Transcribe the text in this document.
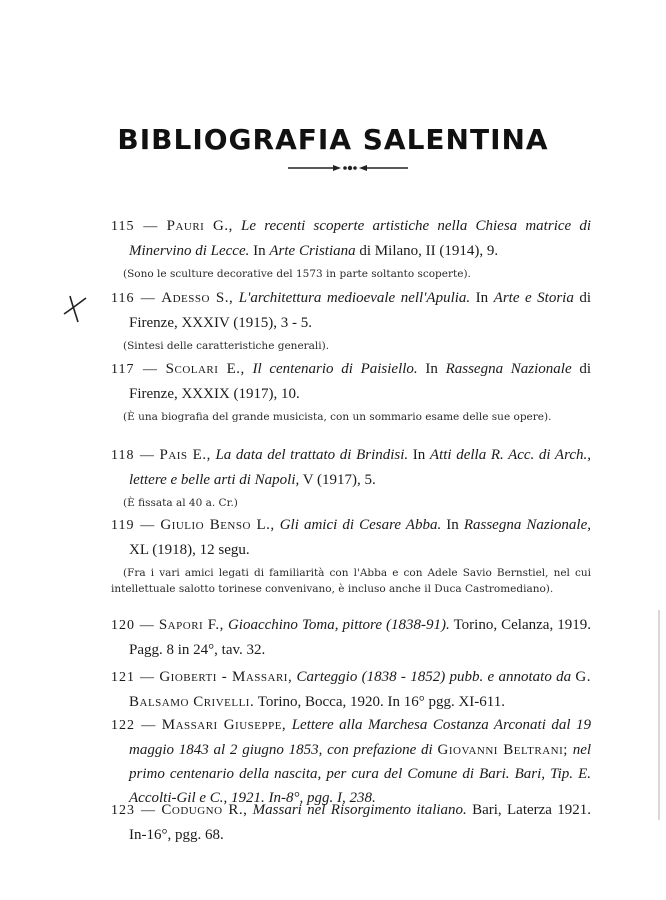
BIBLIOGRAFIA SALENTINA

115 — Pauri G., Le recenti scoperte artistiche nella Chiesa matrice di Minervino di Lecce. In Arte Cristiana di Milano, II (1914), 9.

(Sono le sculture decorative del 1573 in parte soltanto scoperte).

116 — Adesso S., L'architettura medioevale nell'Apulia. In Arte e Storia di Firenze, XXXIV (1915), 3 - 5.

(Sintesi delle caratteristiche generali).

117 — Scolari E., Il centenario di Paisiello. In Rassegna Nazionale di Firenze, XXXIX (1917), 10.

(È una biografia del grande musicista, con un sommario esame delle sue opere).

118 — Pais E., La data del trattato di Brindisi. In Atti della R. Acc. di Arch., lettere e belle arti di Napoli, V (1917), 5.

(È fissata al 40 a. Cr.)

119 — Giulio Benso L., Gli amici di Cesare Abba. In Rassegna Nazionale, XL (1918), 12 segu.

(Fra i vari amici legati di familiarità con l'Abba e con Adele Savio Bernstiel, nel cui intellettuale salotto torinese convenivano, è incluso anche il Duca Castromediano).

120 — Sapori F., Gioacchino Toma, pittore (1838-91). Torino, Celanza, 1919. Pagg. 8 in 24°, tav. 32.

121 — Gioberti - Massari, Carteggio (1838 - 1852) pubb. e annotato da G. Balsamo Crivelli. Torino, Bocca, 1920. In 16° pgg. XI-611.

122 — Massari Giuseppe, Lettere alla Marchesa Costanza Arconati dal 19 maggio 1843 al 2 giugno 1853, con prefazione di Giovanni Beltrani; nel primo centenario della nascita, per cura del Comune di Bari. Bari, Tip. E. Accolti-Gil e C., 1921. In-8°, pgg. I, 238.

123 — Codugno R., Massari nel Risorgimento italiano. Bari, Laterza 1921. In-16°, pgg. 68.
